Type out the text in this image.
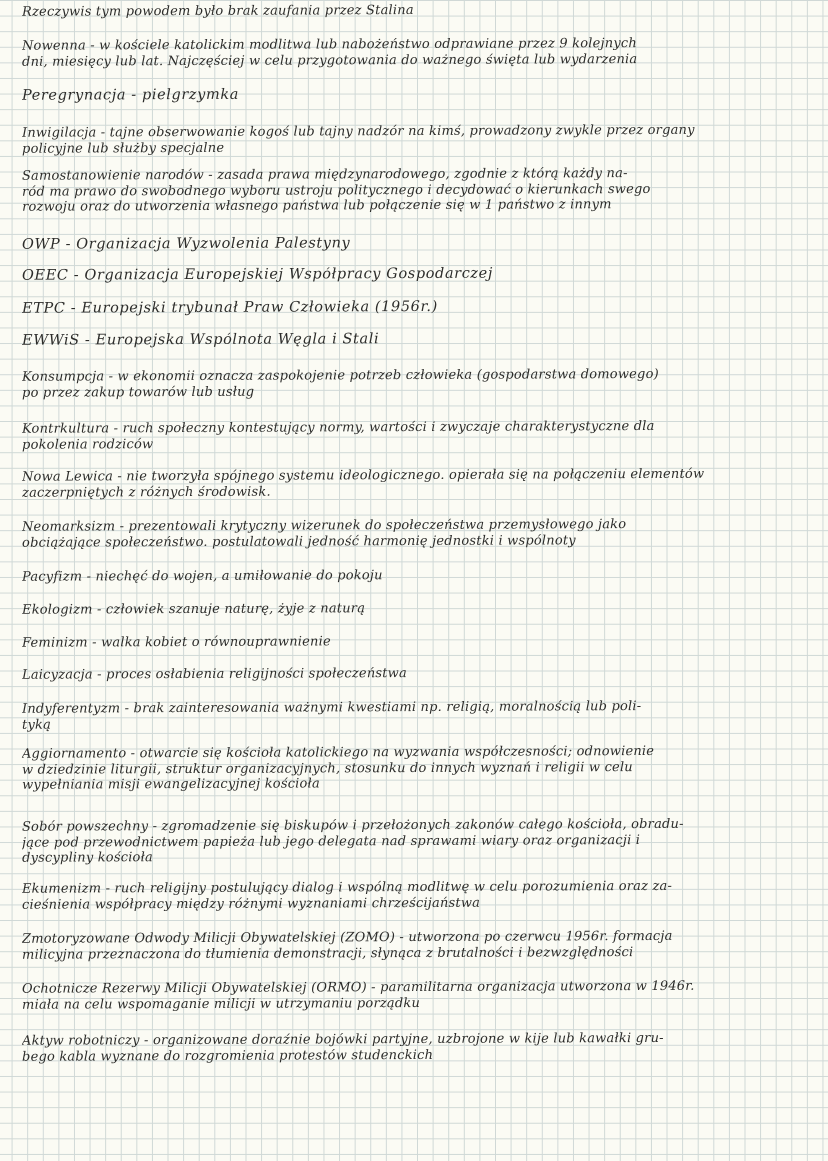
Rzeczywis tym powodem było brak zaufania przez Stalina
Nowenna - w kościele katolickim modlitwa lub nabożeństwo odprawiane przez 9 kolejnych
dni, miesięcy lub lat. Najczęściej w celu przygotowania do ważnego święta lub wydarzenia
Peregrynacja - pielgrzymka
Inwigilacja - tajne obserwowanie kogoś lub tajny nadzór na kimś, prowadzony zwykle przez organy
policyjne lub służby specjalne
Samostanowienie narodów - zasada prawa międzynarodowego, zgodnie z którą każdy na-
ród ma prawo do swobodnego wyboru ustroju politycznego i decydować o kierunkach swego
rozwoju oraz do utworzenia własnego państwa lub połączenie się w 1 państwo z innym
OWP - Organizacja Wyzwolenia Palestyny
OEEC - Organizacja Europejskiej Współpracy Gospodarczej
ETPC - Europejski trybunał Praw Człowieka (1956r.)
EWWiS - Europejska Wspólnota Węgla i Stali
Konsumpcja - w ekonomii oznacza zaspokojenie potrzeb człowieka (gospodarstwa domowego)
po przez zakup towarów lub usług
Kontrkultura - ruch społeczny kontestujący normy, wartości i zwyczaje charakterystyczne dla
pokolenia rodziców
Nowa Lewica - nie tworzyła spójnego systemu ideologicznego. opierała się na połączeniu elementów
zaczerpniętych z różnych środowisk.
Neomarksizm - prezentowali krytyczny wizerunek do społeczeństwa przemysłowego jako
obciążające społeczeństwo. postulatowali jedność harmonię jednostki i wspólnoty
Pacyfizm - niechęć do wojen, a umiłowanie do pokoju
Ekologizm - człowiek szanuje naturę, żyje z naturą
Feminizm - walka kobiet o równouprawnienie
Laicyzacja - proces osłabienia religijności społeczeństwa
Indyferentyzm - brak zainteresowania ważnymi kwestiami np. religią, moralnością lub poli-
tyką
Aggiornamento - otwarcie się kościoła katolickiego na wyzwania współczesności; odnowienie
w dziedzinie liturgii, struktur organizacyjnych, stosunku do innych wyznań i religii w celu
wypełniania misji ewangelizacyjnej kościoła
Sobór powszechny - zgromadzenie się biskupów i przełożonych zakonów całego kościoła, obradu-
jące pod przewodnictwem papieża lub jego delegata nad sprawami wiary oraz organizacji i
dyscypliny kościoła
Ekumenizm - ruch religijny postulujący dialog i wspólną modlitwę w celu porozumienia oraz za-
cieśnienia współpracy między różnymi wyznaniami chrześcijaństwa
Zmotoryzowane Odwody Milicji Obywatelskiej (ZOMO) - utworzona po czerwcu 1956r. formacja
milicyjna przeznaczona do tłumienia demonstracji, słynąca z brutalności i bezwzględności
Ochotnicze Rezerwy Milicji Obywatelskiej (ORMO) - paramilitarna organizacja utworzona w 1946r.
miała na celu wspomaganie milicji w utrzymaniu porządku
Aktyw robotniczy - organizowane doraźnie bojówki partyjne, uzbrojone w kije lub kawałki gru-
bego kabla wyznane do rozgromienia protestów studenckich
